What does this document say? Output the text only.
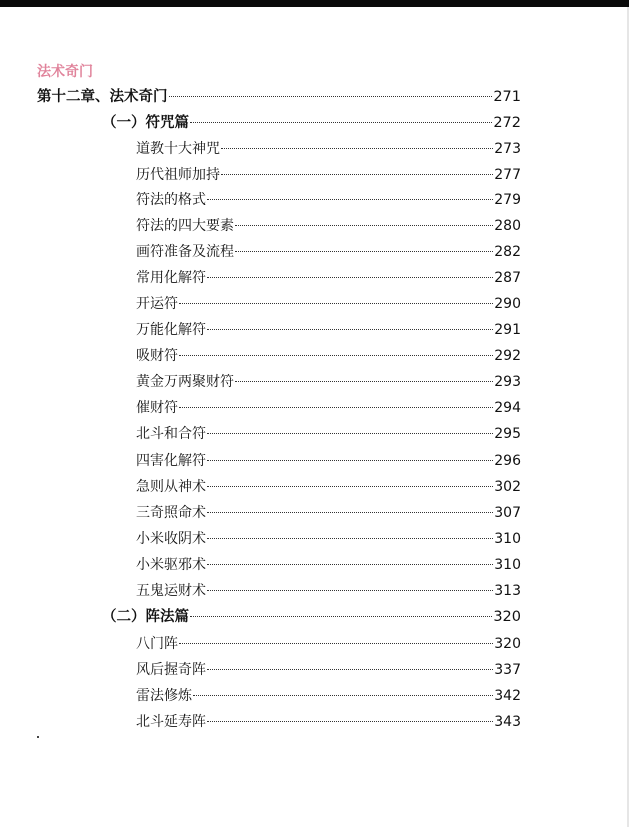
法术奇门
第十二章、法术奇门	271
（一）符咒篇	272
道教十大神咒	273
历代祖师加持	277
符法的格式	279
符法的四大要素	280
画符准备及流程	282
常用化解符	287
开运符	290
万能化解符	291
吸财符	292
黄金万两聚财符	293
催财符	294
北斗和合符	295
四害化解符	296
急则从神术	302
三奇照命术	307
小米收阴术	310
小米驱邪术	310
五鬼运财术	313
（二）阵法篇	320
八门阵	320
风后握奇阵	337
雷法修炼	342
北斗延寿阵	343
